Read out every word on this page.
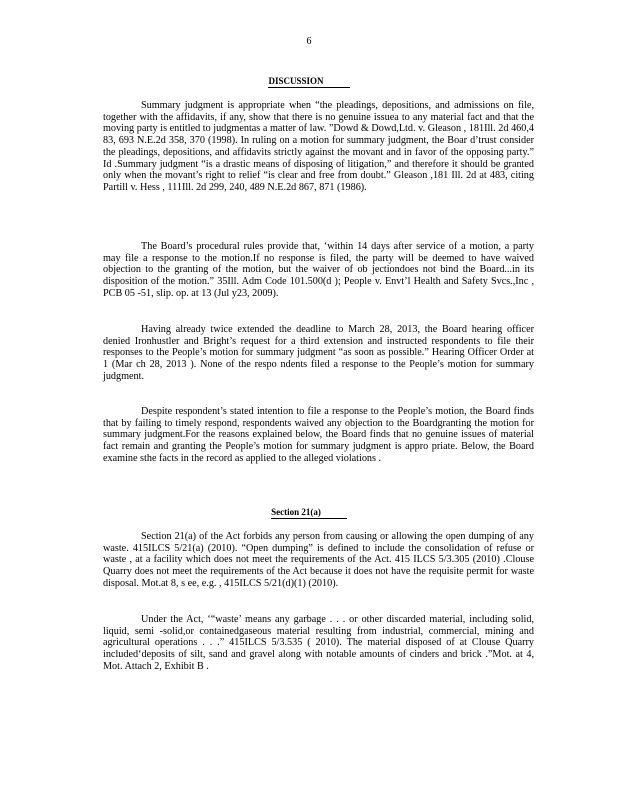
6
DISCUSSION

Summary judgment is appropriate when “the pleadings, depositions, and admissions on file, together with the affidavits, if any, show that there is no genuine issuea to any material fact and that the moving party is entitled to judgmentas a matter of law. ”Dowd & Dowd,Ltd. v. Gleason , 181Ill. 2d 460,4 83, 693 N.E.2d 358, 370 (1998). In ruling on a motion for summary judgment, the Boar d’trust consider the pleadings, depositions, and affidavits strictly against the movant and in favor of the opposing party.” Id .Summary judgment “is a drastic means of disposing of litigation,” and therefore it should be granted only when the movant’s right to relief “is clear and free from doubt.” Gleason ,181 Ill. 2d at 483, citing Partill v. Hess , 111Ill. 2d 299, 240, 489 N.E.2d 867, 871 (1986).

The Board’s procedural rules provide that, ‘within 14 days after service of a motion, a party may file a response to the motion.If no response is filed, the party will be deemed to have waived objection to the granting of the motion, but the waiver of ob jectiondoes not bind the Board...in its disposition of the motion.” 35Ill. Adm Code 101.500(d ); People v. Envt’l Health and Safety Svcs.,Inc , PCB 05 -51, slip. op. at 13 (Jul y23, 2009).

Having already twice extended the deadline to March 28, 2013, the Board hearing officer denied Ironhustler and Bright’s request for a third extension and instructed respondents to file their responses to the People’s motion for summary judgment “as soon as possible.” Hearing Officer Order at 1 (Mar ch 28, 2013 ). None of the respo ndents filed a response to the People’s motion for summary judgment.

Despite respondent’s stated intention to file a response to the People’s motion, the Board finds that by failing to timely respond, respondents waived any objection to the Boardgranting the motion for summary judgment.For the reasons explained below, the Board finds that no genuine issues of material fact remain and granting the People’s motion for summary judgment is appro priate. Below, the Board examine sthe facts in the record as applied to the alleged violations .

Section 21(a)

Section 21(a) of the Act forbids any person from causing or allowing the open dumping of any waste. 415ILCS 5/21(a) (2010). “Open dumping” is defined to include the consolidation of refuse or waste , at a facility which does not meet the requirements of the Act. 415 ILCS 5/3.305 (2010) .Clouse Quarry does not meet the requirements of the Act because it does not have the requisite permit for waste disposal. Mot.at 8, s ee, e.g. , 415ILCS 5/21(d)(1) (2010).

Under the Act, ‘“waste’ means any garbage . . . or other discarded material, including solid, liquid, semi -solid,or containedgaseous material resulting from industrial, commercial, mining and agricultural operations . . .” 415ILCS 5/3.535 ( 2010). The material disposed of at Clouse Quarry included‘deposits of silt, sand and gravel along with notable amounts of cinders and brick .”Mot. at 4, Mot. Attach 2, Exhibit B .
